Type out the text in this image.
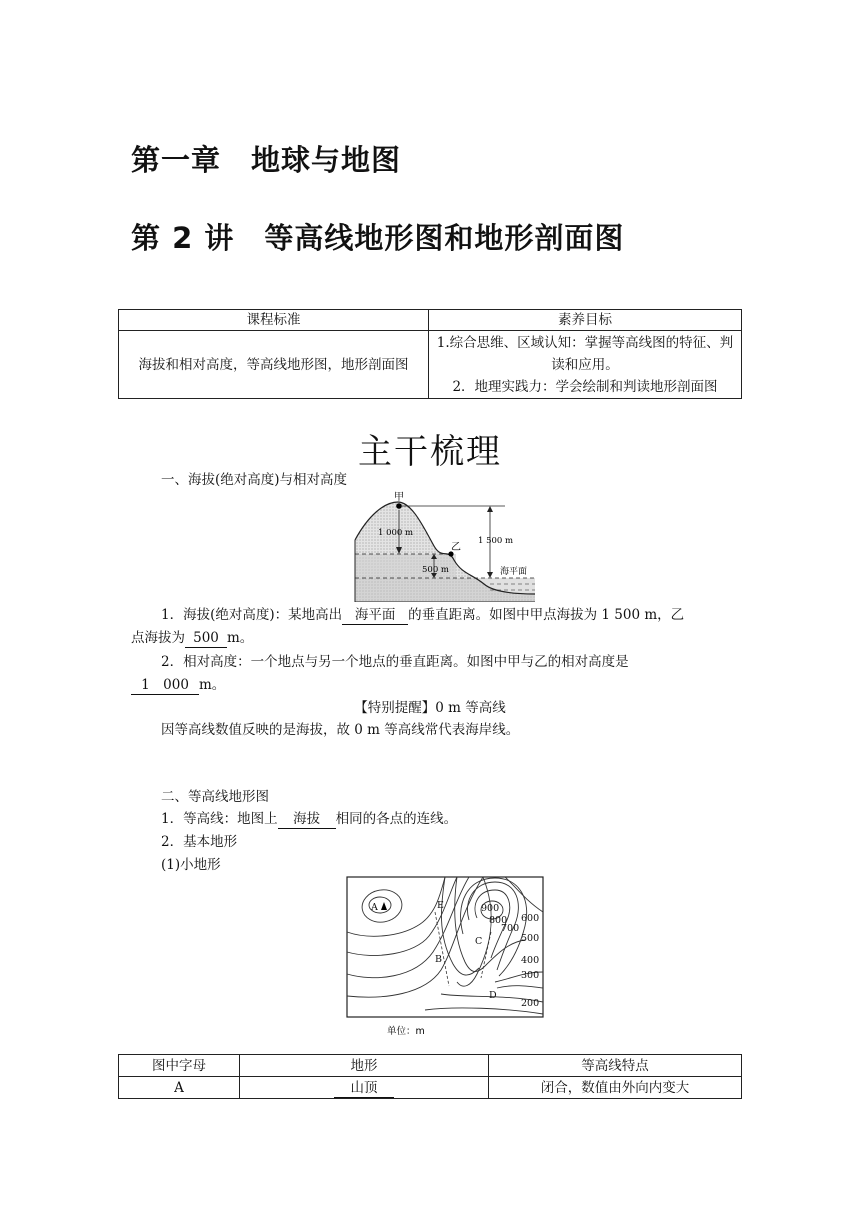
第一章　地球与地图
第 2 讲　等高线地形图和地形剖面图
课程标准	素养目标
海拔和相对高度，等高线地形图，地形剖面图	1.综合思维、区域认知：掌握等高线图的特征、判读和应用。
2．地理实践力：学会绘制和判读地形剖面图
主干梳理
一、海拔(绝对高度)与相对高度
甲
乙
1 000 m
1 500 m
500 m	海平面
1．海拔(绝对高度)：某地高出 海平面 的垂直距离。如图中甲点海拔为 1 500 m，乙
点海拔为 500 m。
2．相对高度：一个地点与另一个地点的垂直距离。如图中甲与乙的相对高度是
1　000 m。
【特别提醒】0 m 等高线
因等高线数值反映的是海拔，故 0 m 等高线常代表海岸线。
二、等高线地形图
1．等高线：地图上 海拔 相同的各点的连线。
2．基本地形
(1)小地形
A
B
C
D
E	900
800
700
600
500
400
300
200
单位：m
图中字母	地形	等高线特点
A	山顶	闭合，数值由外向内变大
